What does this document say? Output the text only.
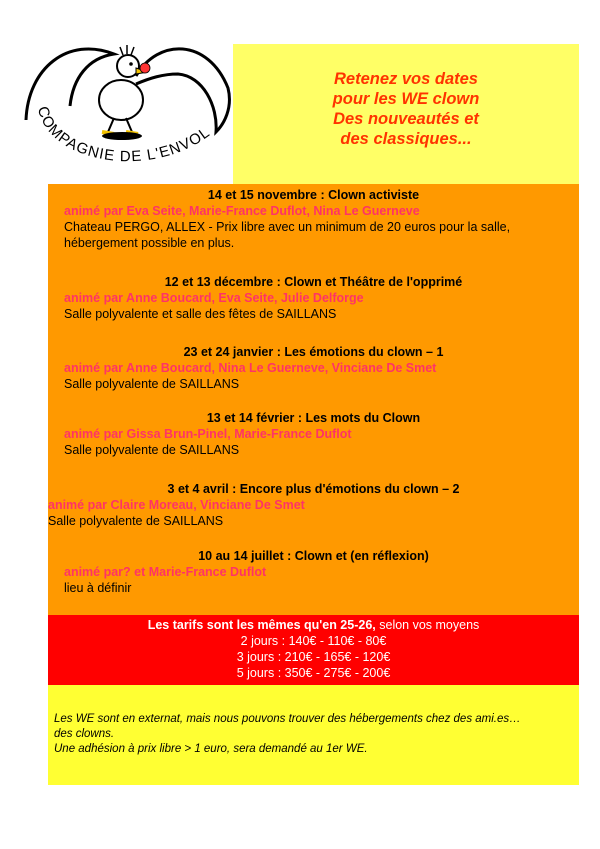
COMPAGNIE DE L'ENVOL
Retenez vos dates
pour les WE clown
Des nouveautés et
des classiques...
14 et 15 novembre : Clown activiste
animé par Eva Seite, Marie-France Duflot, Nina Le Guerneve
Chateau PERGO, ALLEX - Prix libre avec un minimum de 20 euros pour la salle,
hébergement possible en plus.
12 et 13 décembre : Clown et Théâtre de l'opprimé
animé par Anne Boucard, Eva Seite, Julie Delforge
Salle polyvalente et salle des fêtes de SAILLANS
23 et 24 janvier : Les émotions du clown – 1
animé par Anne Boucard, Nina Le Guerneve, Vinciane De Smet
Salle polyvalente de SAILLANS
13 et 14 février : Les mots du Clown
animé par Gissa Brun-Pinel, Marie-France Duflot
Salle polyvalente de SAILLANS
3 et 4 avril : Encore plus d'émotions du clown – 2
animé par Claire Moreau, Vinciane De Smet
Salle polyvalente de SAILLANS
10 au 14 juillet : Clown et (en réflexion)
animé par? et Marie-France Duflot
lieu à définir
Les tarifs sont les mêmes qu'en 25-26, selon vos moyens
2 jours : 140€ - 110€ - 80€
3 jours : 210€ - 165€ - 120€
5 jours : 350€ - 275€ - 200€
Les WE sont en externat, mais nous pouvons trouver des hébergements chez des ami.es…
des clowns.
Une adhésion à prix libre > 1 euro, sera demandé au 1er WE.
